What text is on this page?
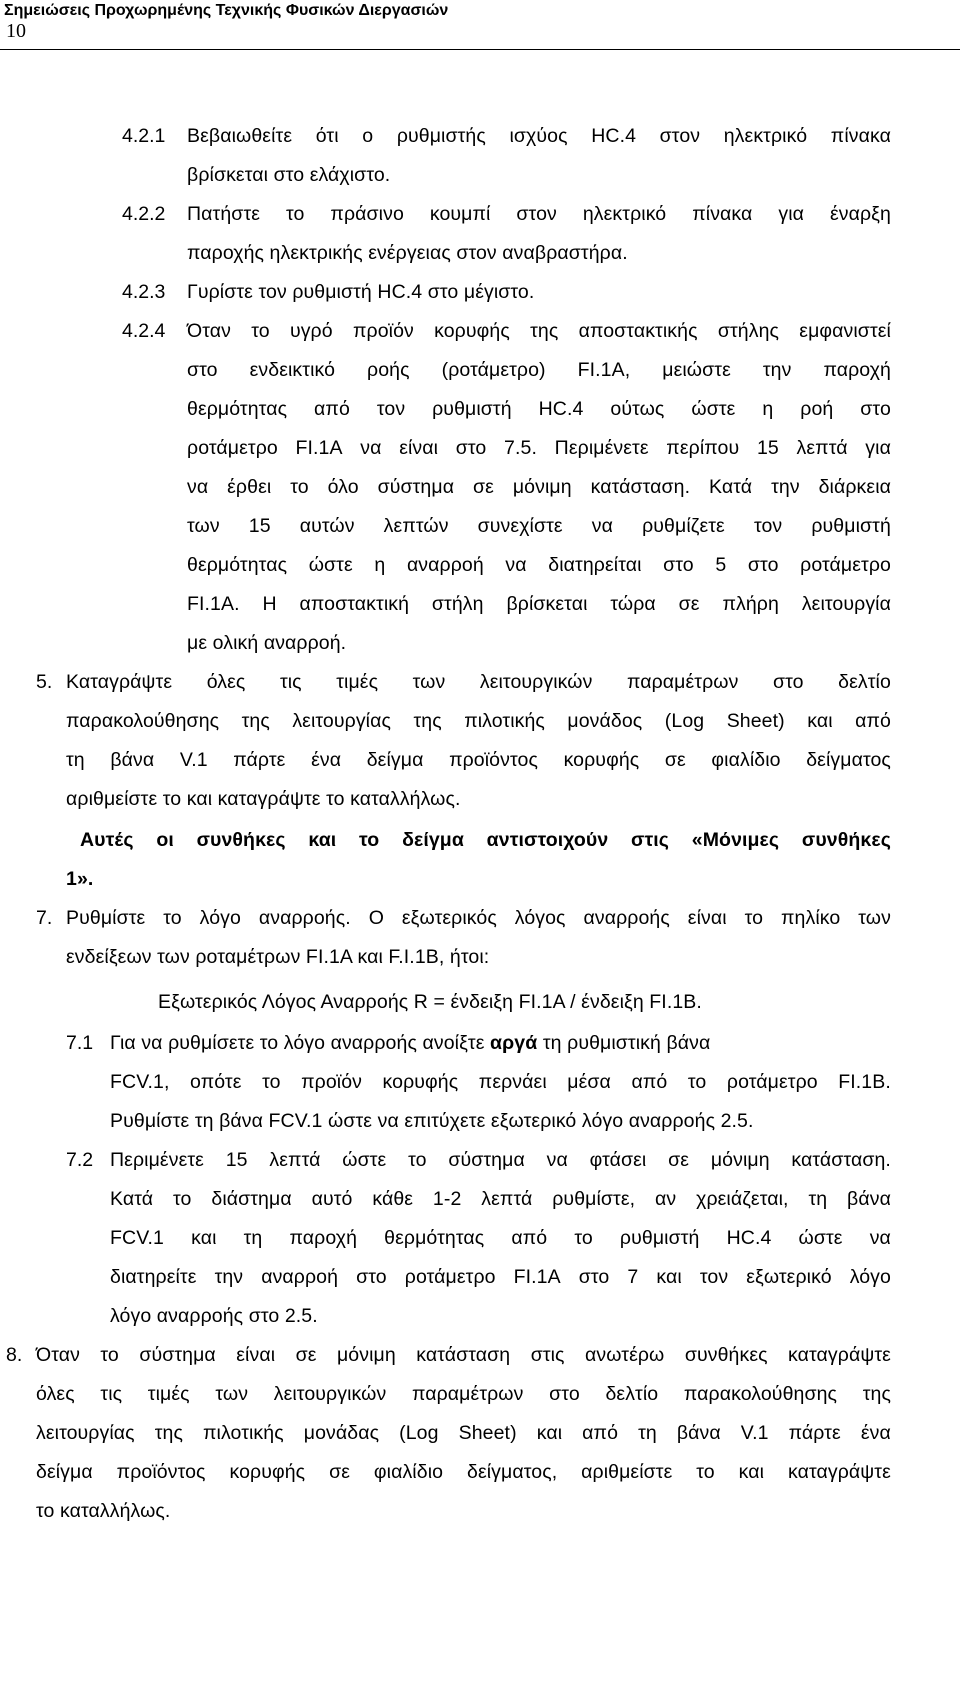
Σημειώσεις Προχωρημένης Τεχνικής Φυσικών Διεργασιών
10
4.2.1 Βεβαιωθείτε ότι ο ρυθμιστής ισχύος HC.4 στον ηλεκτρικό πίνακα
βρίσκεται στο ελάχιστο.
4.2.2 Πατήστε το πράσινο κουμπί στον ηλεκτρικό πίνακα για έναρξη
παροχής ηλεκτρικής ενέργειας στον αναβραστήρα.
4.2.3 Γυρίστε τον ρυθμιστή HC.4 στο μέγιστο.
4.2.4 Όταν το υγρό προϊόν κορυφής της αποστακτικής στήλης εμφανιστεί
στο ενδεικτικό ροής (ροτάμετρο) FI.1A, μειώστε την παροχή
θερμότητας από τον ρυθμιστή HC.4 ούτως ώστε η ροή στο
ροτάμετρο FI.1A να είναι στο 7.5. Περιμένετε περίπου 15 λεπτά για
να έρθει το όλο σύστημα σε μόνιμη κατάσταση. Κατά την διάρκεια
των 15 αυτών λεπτών συνεχίστε να ρυθμίζετε τον ρυθμιστή
θερμότητας ώστε η αναρροή να διατηρείται στο 5 στο ροτάμετρο
FI.1A. Η αποστακτική στήλη βρίσκεται τώρα σε πλήρη λειτουργία
με ολική αναρροή.
5. Καταγράψτε όλες τις τιμές των λειτουργικών παραμέτρων στο δελτίο
παρακολούθησης της λειτουργίας της πιλοτικής μονάδος (Log Sheet) και από
τη βάνα V.1 πάρτε ένα δείγμα προϊόντος κορυφής σε φιαλίδιο δείγματος
αριθμείστε το και καταγράψτε το καταλλήλως.
Αυτές οι συνθήκες και το δείγμα αντιστοιχούν στις «Μόνιμες συνθήκες
1».
7. Ρυθμίστε το λόγο αναρροής. Ο εξωτερικός λόγος αναρροής είναι το πηλίκο των
ενδείξεων των ροταμέτρων FI.1A και F.I.1B, ήτοι:
Εξωτερικός Λόγος Αναρροής R = ένδειξη FI.1A / ένδειξη FI.1B.
7.1 Για να ρυθμίσετε το λόγο αναρροής ανοίξτε αργά τη ρυθμιστική βάνα
FCV.1, οπότε το προϊόν κορυφής περνάει μέσα από το ροτάμετρο FI.1B.
Ρυθμίστε τη βάνα FCV.1 ώστε να επιτύχετε εξωτερικό λόγο αναρροής 2.5.
7.2 Περιμένετε 15 λεπτά ώστε το σύστημα να φτάσει σε μόνιμη κατάσταση.
Κατά το διάστημα αυτό κάθε 1-2 λεπτά ρυθμίστε, αν χρειάζεται, τη βάνα
FCV.1 και τη παροχή θερμότητας από το ρυθμιστή HC.4 ώστε να
διατηρείτε την αναρροή στο ροτάμετρο FI.1A στο 7 και τον εξωτερικό λόγο
λόγο αναρροής στο 2.5.
8. Όταν το σύστημα είναι σε μόνιμη κατάσταση στις ανωτέρω συνθήκες καταγράψτε
όλες τις τιμές των λειτουργικών παραμέτρων στο δελτίο παρακολούθησης της
λειτουργίας της πιλοτικής μονάδας (Log Sheet) και από τη βάνα V.1 πάρτε ένα
δείγμα προϊόντος κορυφής σε φιαλίδιο δείγματος, αριθμείστε το και καταγράψτε
το καταλλήλως.
